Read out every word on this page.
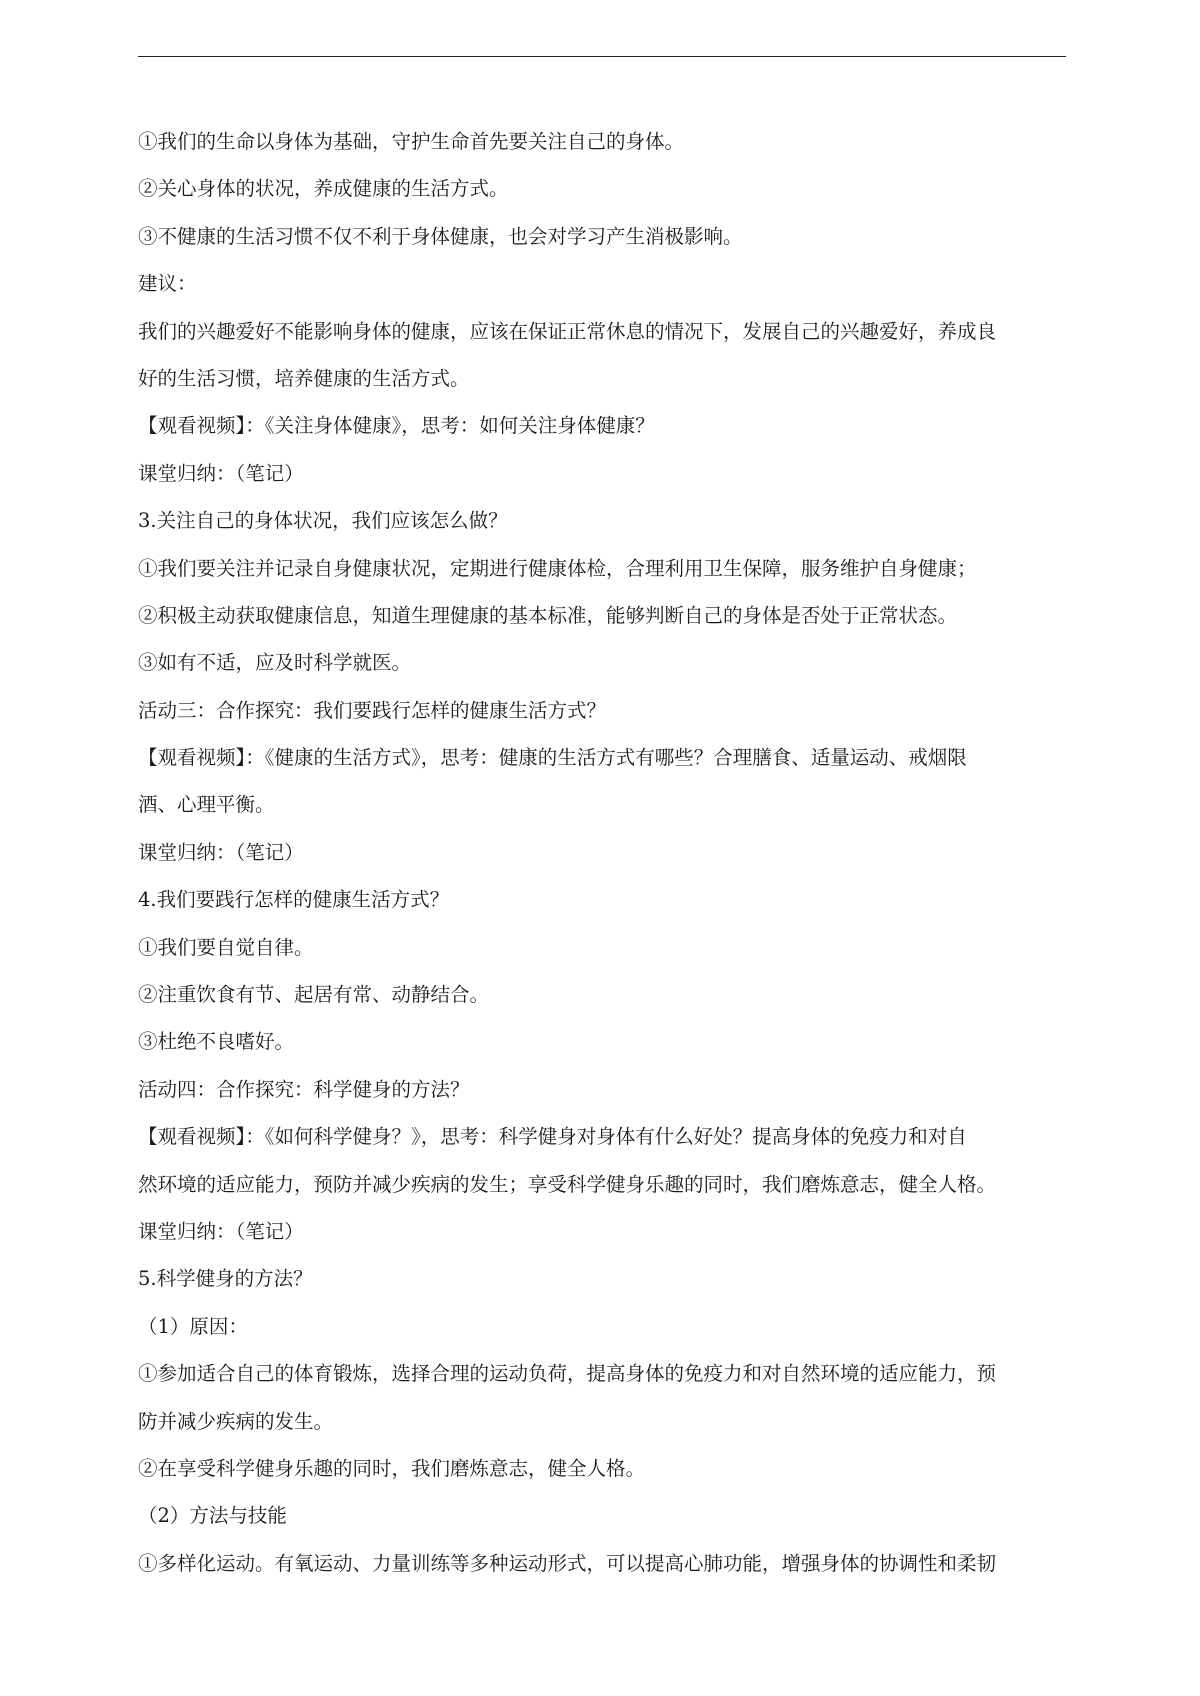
①我们的生命以身体为基础，守护生命首先要关注自己的身体。
②关心身体的状况，养成健康的生活方式。
③不健康的生活习惯不仅不利于身体健康，也会对学习产生消极影响。
建议：
我们的兴趣爱好不能影响身体的健康，应该在保证正常休息的情况下，发展自己的兴趣爱好，养成良
好的生活习惯，培养健康的生活方式。
【观看视频】：《关注身体健康》，思考：如何关注身体健康？
课堂归纳：（笔记）
3.关注自己的身体状况，我们应该怎么做？
①我们要关注并记录自身健康状况，定期进行健康体检，合理利用卫生保障，服务维护自身健康；
②积极主动获取健康信息，知道生理健康的基本标准，能够判断自己的身体是否处于正常状态。
③如有不适，应及时科学就医。
活动三：合作探究：我们要践行怎样的健康生活方式？
【观看视频】：《健康的生活方式》，思考：健康的生活方式有哪些？合理膳食、适量运动、戒烟限
酒、心理平衡。
课堂归纳：（笔记）
4.我们要践行怎样的健康生活方式？
①我们要自觉自律。
②注重饮食有节、起居有常、动静结合。
③杜绝不良嗜好。
活动四：合作探究：科学健身的方法？
【观看视频】：《如何科学健身？》，思考：科学健身对身体有什么好处？提高身体的免疫力和对自
然环境的适应能力，预防并减少疾病的发生；享受科学健身乐趣的同时，我们磨炼意志，健全人格。
课堂归纳：（笔记）
5.科学健身的方法？
（1）原因：
①参加适合自己的体育锻炼，选择合理的运动负荷，提高身体的免疫力和对自然环境的适应能力，预
防并减少疾病的发生。
②在享受科学健身乐趣的同时，我们磨炼意志，健全人格。
（2）方法与技能
①多样化运动。有氧运动、力量训练等多种运动形式，可以提高心肺功能，增强身体的协调性和柔韧
